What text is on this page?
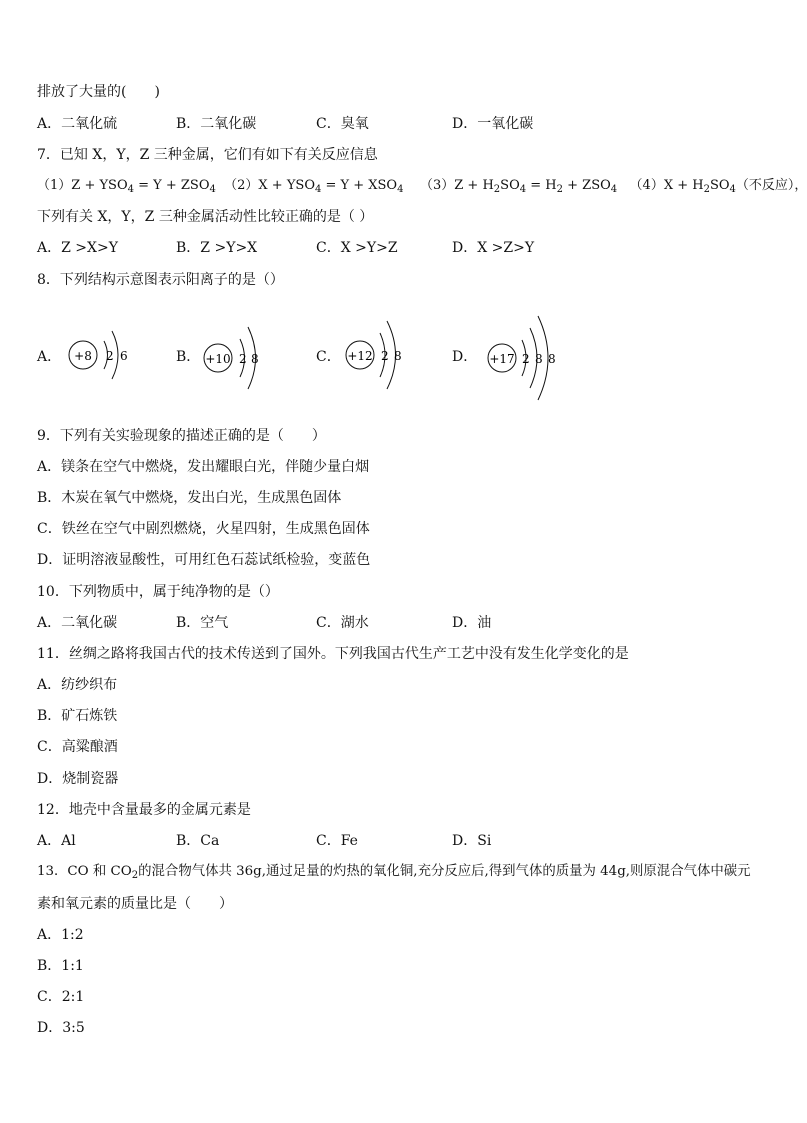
排放了大量的(　　)
A．二氧化硫	B．二氧化碳	C．臭氧	D．一氧化碳
7．已知 X，Y，Z 三种金属，它们有如下有关反应信息
$(1)Z + YSO_4 = Y + ZSO_4$ $(2)X + YSO_4 = Y + XSO_4$ $(3)Z + H_2SO_4 = H_2 + ZSO_4$ $(4)X + H_2SO_4$（不反应），
下列有关 X，Y，Z 三种金属活动性比较正确的是（ ）
A．Z >X>Y	B．Z >Y>X	C．X >Y>Z	D．X >Z>Y
8．下列结构示意图表示阳离子的是（）
A． +8 2 6	B． +10 2 8	C． +12 2 8	D． +17 2 8 8
9．下列有关实验现象的描述正确的是（　　）
A．镁条在空气中燃烧，发出耀眼白光，伴随少量白烟
B．木炭在氧气中燃烧，发出白光，生成黑色固体
C．铁丝在空气中剧烈燃烧，火星四射，生成黑色固体
D．证明溶液显酸性，可用红色石蕊试纸检验，变蓝色
10．下列物质中，属于纯净物的是（）
A．二氧化碳	B．空气	C．湖水	D．油
11．丝绸之路将我国古代的技术传送到了国外。下列我国古代生产工艺中没有发生化学变化的是
A．纺纱织布
B．矿石炼铁
C．高粱酿酒
D．烧制瓷器
12．地壳中含量最多的金属元素是
A．Al	B．Ca	C．Fe	D．Si
13．CO 和 $CO_2$的混合物气体共 36g,通过足量的灼热的氧化铜,充分反应后,得到气体的质量为 44g,则原混合气体中碳元
素和氧元素的质量比是（　　）
A．1:2
B．1:1
C．2:1
D．3:5
